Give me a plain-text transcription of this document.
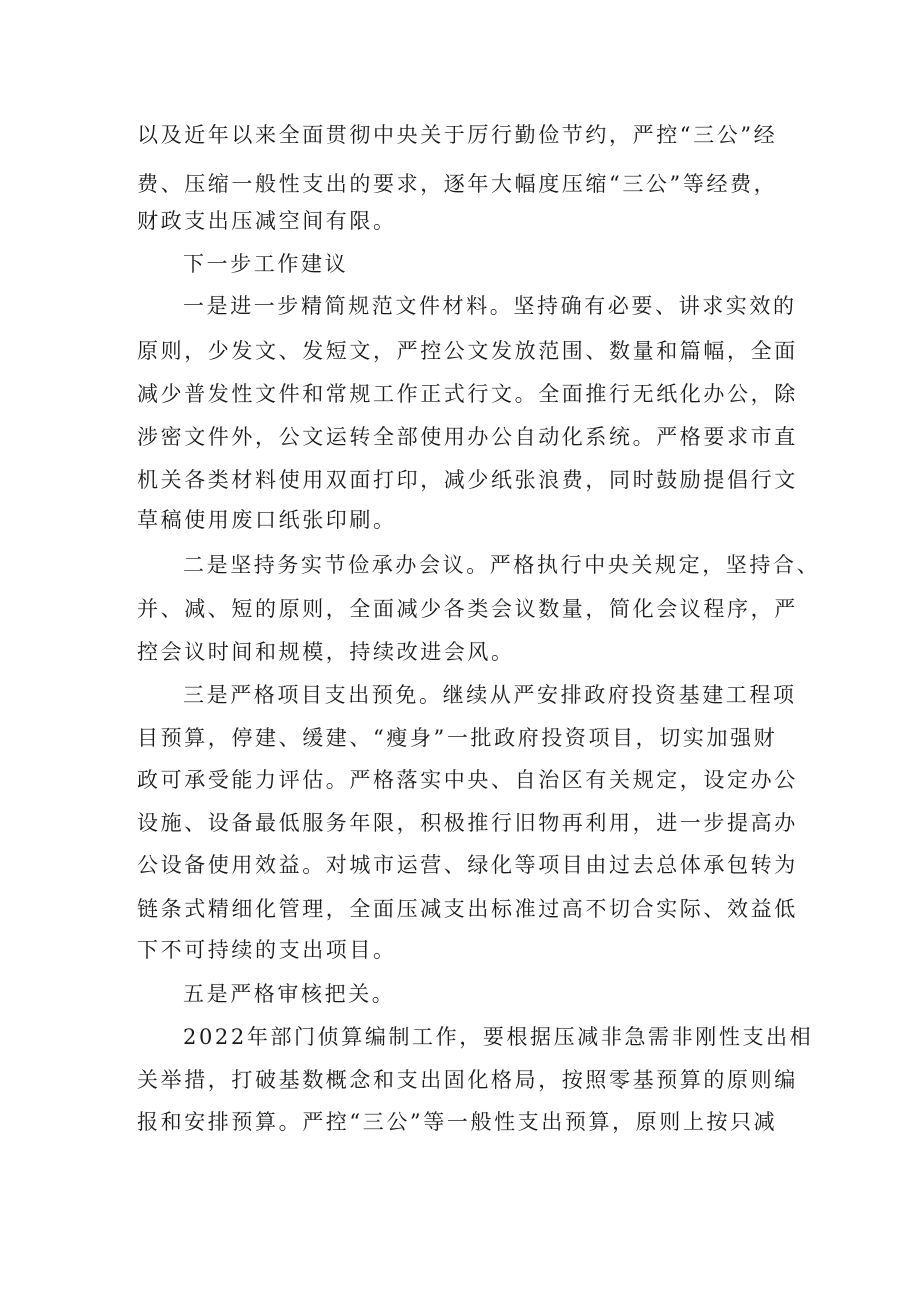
以及近年以来全面贯彻中央关于厉行勤俭节约，严控“三公”经
费、压缩一般性支出的要求，逐年大幅度压缩“三公”等经费，
财政支出压减空间有限。
下一步工作建议
一是进一步精简规范文件材料。坚持确有必要、讲求实效的
原则，少发文、发短文，严控公文发放范围、数量和篇幅，全面
减少普发性文件和常规工作正式行文。全面推行无纸化办公，除
涉密文件外，公文运转全部使用办公自动化系统。严格要求市直
机关各类材料使用双面打印，减少纸张浪费，同时鼓励提倡行文
草稿使用废口纸张印刷。
二是坚持务实节俭承办会议。严格执行中央关规定，坚持合、
并、减、短的原则，全面减少各类会议数量，简化会议程序，严
控会议时间和规模，持续改进会风。
三是严格项目支出预免。继续从严安排政府投资基建工程项
目预算，停建、缓建、“瘦身”一批政府投资项目，切实加强财
政可承受能力评估。严格落实中央、自治区有关规定，设定办公
设施、设备最低服务年限，积极推行旧物再利用，进一步提高办
公设备使用效益。对城市运营、绿化等项目由过去总体承包转为
链条式精细化管理，全面压减支出标准过高不切合实际、效益低
下不可持续的支出项目。
五是严格审核把关。
2022年部门侦算编制工作，要根据压减非急需非刚性支出相
关举措，打破基数概念和支出固化格局，按照零基预算的原则编
报和安排预算。严控“三公”等一般性支出预算，原则上按只减
